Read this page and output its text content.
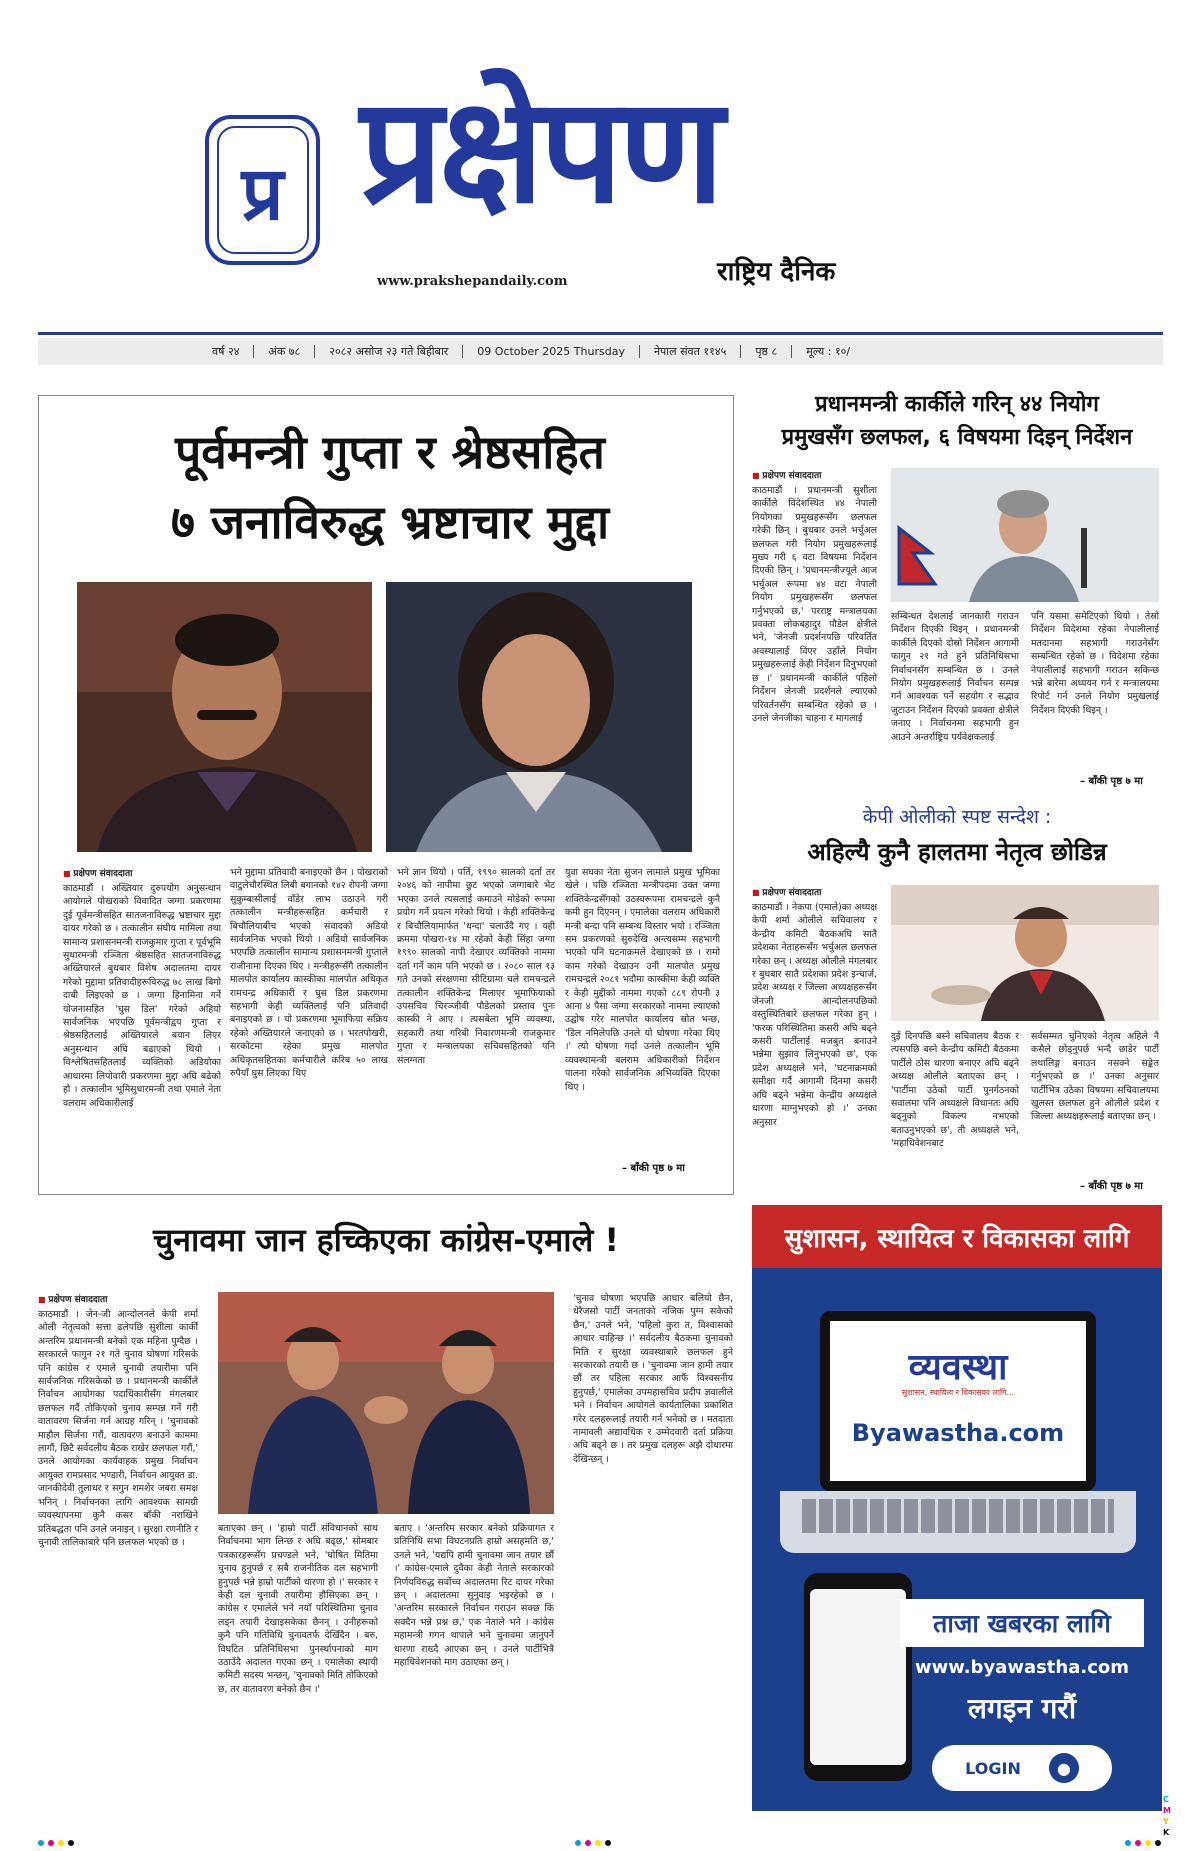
प्र प्रक्षेपण
www.prakshepandaily.com	राष्ट्रिय दैनिक
वर्ष २४	अंक ७८	२०८२ असोज २३ गते बिहीबार	09 October 2025 Thursday	नेपाल संवत ११४५	पृष्ठ ८	मूल्य : १०/
पूर्वमन्त्री गुप्ता र श्रेष्ठसहित
७ जनाविरुद्ध भ्रष्टाचार मुद्दा
■ प्रक्षेपण संवाददाता
काठमाडौं । अख्तियार दुरुपयोग अनुसन्धान आयोगले पोखराको विवादित जग्गा प्रकरणमा दुई पूर्वमन्त्रीसहित सातजनाविरुद्ध भ्रष्टाचार मुद्दा दायर गरेको छ । तत्कालीन संघीय मामिला तथा सामान्य प्रशासनमन्त्री राजकुमार गुप्ता र पूर्वभूमि सुधारमन्त्री रञ्जिता श्रेष्ठसहित सातजनाविरुद्ध अख्तियारले बुधबार विशेष अदालतमा दायर गरेको मुद्दामा प्रतिवादीहरूविरुद्ध ७८ लाख बिगो दाबी लिइएको छ । जग्गा हिनामिना गर्ने योजनासहित 'घुस डिल' गरेको अहियो सार्वजनिक भएपछि पूर्वमन्त्रीद्वय गुप्ता र श्रेष्ठसहितलाई अख्तियारले बयान लिएर अनुसन्धान अघि बढाएको थियो । विश्लेषितसहितलाई व्यक्तिको अडियोका आधारमा लिपोवारी प्रकरणमा मुद्दा अघि बढेको हो । तत्कालीन भूमिसुधारमन्त्री तथा एमाले नेता वलराम अधिकारीलाई
भने मुद्दामा प्रतिवादी बनाइएको छैन । पोखराको वाटुलेचौरस्थित लिबी बगानको १४२ रोपनी जग्गा सुकुम्बासीलाई वाँडेर लाभ उठाउने गरी तत्कालीन मन्त्रीहरूसहित कर्मचारी र बिचौलियाबीच भएको संवादको अडियो सार्वजनिक भएको थियो । अडियो सार्वजनिक भएपछि तत्कालीन सामान्य प्रशासनमन्त्री गुप्ताले राजीनामा दिएका थिए । मन्त्रीहरूसँगै तत्कालीन मालपोत कार्यालय कास्कीका मालपोत अधिकृत रामचन्द्र अधिकारी र घुस डिल प्रकरणमा सहभागी केही व्यक्तिलाई पनि प्रतिवादी बनाइएको छ । यो प्रकरणमा भूमाफिया सक्रिय रहेको अख्तियारले जनाएको छ । भरतपोखरी, सरकोटमा रहेका प्रमुख मालपोत अधिकृतसहितका कर्मचारीले करिब ५० लाख रुपैयाँ घुस लिएका थिए
भने ज्ञान थियो । पर्ति, १९९० सालको दर्ता तर २०४६ को नापीमा छुट भएको जग्गाबारे भेट भएका उनले त्यसलाई कमाउने मोडेको रूपमा प्रयोग गर्ने प्रयत्न गरेको थियो । केही शक्तिकेन्द्र र बिचौलियामार्फत 'धन्दा' चलाउँदै गए । यही क्रममा पोखरा-१४ मा रहेको केही सिंहा जग्गा १९९० सालको नापी देखाएर व्यक्तिको नाममा दर्ता गर्ने काम पनि भएको छ । २०८० साल १३ गते उनको संरक्षणमा सीटिग्रामा चले रामचन्द्रले तत्कालीन शक्तिकेन्द्र मिलाएर भूमाफियाको उपसचिव चिरञ्जीवी पौडेलको प्रस्ताव पुनः कास्की ने आए । त्यसबेला भूमि व्यवस्था, सहकारी तथा गरिबी निवारणमन्त्री राजकुमार गुप्ता र मन्त्रालयका सचिवसहितको पनि संलग्नता
युवा सघका नेता सुजन लामाले प्रमुख भूमिका खेले । पछि रञ्जिता मन्त्रीपदमा उक्त जग्गा शक्तिकेन्द्रसँगको उठस्वरूपमा रामचन्द्रले कुनै कमी हुन दिएनन् । एमालेका वलराम अधिकारी मन्त्री बन्दा पनि सम्बन्ध विस्तार भयो । रञ्जिता सम प्रकरणको सुरुदेखि अन्त्यसम्म सहभागी भएको पनि घटनाक्रमले देखाएको छ । रामो काम गरेको देखाउन उनी मालपोत प्रमुख रामचन्द्रले २०८१ भदौमा कास्कीमा केही व्यक्ति र केही मुद्दीको नाममा गएको ८८९ रोपनी ३ आना ४ पैसा जग्गा सरकारको नाममा ल्याएको उद्घोष गरेर मालपोत कार्यालय स्रोत भन्छ, 'डिल नमिलेपछि उनले यो घोषणा गरेका थिए ।' त्यो घोषणा गर्दा उनले तत्कालीन भूमि व्यवस्थामन्त्री बलराम अधिकारीको निर्देशन पालना गरेको सार्वजनिक अभिव्यक्ति दिएका थिए ।
– बाँकी पृष्ठ ७ मा
प्रधानमन्त्री कार्कीले गरिन् ४४ नियोग
प्रमुखसँग छलफल, ६ विषयमा दिइन् निर्देशन
■ प्रक्षेपण संवाददाता
काठमाडौं । प्रधानमन्त्री सुशीला कार्कीले विदेशस्थित ४४ नेपाली नियोगका प्रमुखहरूसँग छलफल गरेकी छिन् । बुधबार उनले भर्चुअल छलफल गरी नियोग प्रमुखहरूलाई मुख्य गरी ६ वटा विषयमा निर्देशन दिएकी छिन् । 'प्रधानमन्त्रीज्यूले आज भर्चुअल रूपमा ४४ वटा नेपाली नियोग प्रमुखहरूसँग छलफल गर्नुभएको छ,' परराष्ट्र मन्त्रालयका प्रवक्ता लोकबहादुर पौडेल क्षेत्रीले भने, 'जेनजी प्रदर्शनपछि परिवर्तित अवस्थालाई विएर उहाँले नियोग प्रमुखहरूलाई केही निर्देशन दिनुभएको छ ।' प्रधानमन्त्री कार्कीले पहिलो निर्देशन जेनजी प्रदर्शनले ल्याएको परिवर्तनसँग सम्बन्धित रहेको छ । उनले जेनजीका चाहना र मागलाई
सम्बिन्धत देशलाई जानकारी गराउन निर्देशन दिएकी थिइन् । प्रधानमन्त्री कार्कीले दिएको दोस्रो निर्देशन आगामी फागुन २१ गते हुने प्रतिनिधिसभा निर्वाचनसँग सम्बन्धित छ । उनले नियोग प्रमुखहरूलाई निर्वाचन सम्पन्न गर्न आवश्यक पर्ने सहयोग र सद्भाव जुटाउन निर्देशन दिएको प्रवक्ता क्षेत्रीले जनाए । निर्वाचनमा सहभागी हुन आउने अन्तर्राष्ट्रिय पर्यवेक्षकलाई
पनि यसमा समेटिएको थियो । तेस्रो निर्देशन विदेशमा रहेका नेपालीलाई मतदानमा सहभागी गराउनेसँग सम्बन्धित रहेको छ । विदेशमा रहेका नेपालीलाई सहभागी गराउन सकिन्छ भन्ने बारेमा अध्ययन गर्न र मन्त्रालयमा रिपोर्ट गर्न उनले नियोग प्रमुखलाई निर्देशन दिएकी थिइन् ।
– बाँकी पृष्ठ ७ मा
केपी ओलीको स्पष्ट सन्देश :
अहिल्यै कुनै हालतमा नेतृत्व छोडिन्न
■ प्रक्षेपण संवाददाता
काठमाडौं । नेकपा (एमाले)का अध्यक्ष केपी शर्मा ओलीले सचिवालय र केन्द्रीय कमिटी बैठकअघि सातै प्रदेशका नेताहरूसँग भर्चुअल छलफल गरेका छन् । अध्यक्ष ओलीले मंगलबार र बुधबार सातै प्रदेशका प्रदेश इन्चार्ज, प्रदेश अध्यक्ष र जिल्ला अध्यक्षहरूसँग जेनजी आन्दोलनपछिको वस्तुस्थितिबारे छलफल गरेका हुन् । 'फरक परिस्थितिमा कसरी अघि बढ्ने कसरी पार्टीलाई मजबुत बनाउने भन्नेमा सुझाव लिनुभएको छ', एक प्रदेश अध्यक्षले भने, 'घटनाक्रमको समीक्षा गर्दै आगामी दिनमा कसरी अघि बढ्ने भन्नेमा केन्द्रीय अध्यक्षले धारणा माग्नुभएको हो ।' उनका अनुसार
दुई दिनपछि बस्ने सचिवालय बैठक र त्यसपछि बस्ने केन्द्रीय कमिटी बैठकमा पार्टीले ठोस धारणा बनाएर अघि बढ्ने अध्यक्ष ओलीले बताएका छन् । 'पार्टीमा उठेको पार्टी पुनर्गठनको सवालमा पनि अध्यक्षले विधानतः अघि बढ्नुको विकल्प नभएको बताउनुभएको छ', ती अध्यक्षले भने, 'महाधिवेशनबाट
सर्वसम्मत चुनिएको नेतृत्व अहिले नै कसैले छोड्नुपर्छ भन्दै छाडेर पार्टी लथालिङ्ग बनाउन नसक्ने सङ्केत गर्नुभएको छ ।' उनका अनुसार पार्टीभित्र उठेका विषयमा सचिवालयमा खुलस्त छलफल हुने ओलीले प्रदेश र जिल्ला अध्यक्षहरूलाई बताएका छन् ।
– बाँकी पृष्ठ ७ मा
चुनावमा जान हच्किएका कांग्रेस-एमाले !
■ प्रक्षेपण संवाददाता
काठमाडौं । जेन-जी आन्दोलनले केपी शर्मा ओली नेतृत्वको सत्ता ढलेपछि सुशीला कार्की अन्तरिम प्रधानमन्त्री बनेको एक महिना पुग्दैछ । सरकारले फागुन २१ गते चुनाव घोषणा गरिसके पनि कांग्रेस र एमाले चुनावी तयारीमा पनि सार्वजनिक गरिसकेको छ । प्रधानमन्त्री कार्कीले निर्वाचन आयोगका पदाधिकारीसँग मंगलबार छलफल गर्दै तोकिएको चुनाव सम्पन्न गर्ने गरी वातावरण सिर्जना गर्न आग्रह गरिन् । 'चुनावको माहौल सिर्जना गरौं, वातावरण बनाउने काममा लागौं, छिटै सर्वदलीय बैठक राखेर छलफल गरौं,' उनले आयोगका कार्यवाहक प्रमुख निर्वाचन आयुक्त रामप्रसाद भण्डारी, निर्वाचन आयुक्त डा. जानकीदेवी तुलाधर र सगुन शमशेर जबरा समक्ष भनिन् । निर्वाचनका लागि आवश्यक सामग्री व्यवस्थापनमा कुनै कसर बाँकी नराखिने प्रतिबद्धता पनि उनले जनाइन् । सुरक्षा रणनीति र चुनावी तालिकाबारे पनि छलफल भएको छ ।
बताएका छन् । 'हाम्रो पार्टी संविधानको साथ निर्वाचनमा भाग लिन्छ र अघि बढ्छ,' सोमबार पत्रकारहरूसँग प्रचण्डले भने, 'घोषित मितिमा चुनाव हुनुपर्छ र सबै राजनीतिक दल सहभागी हुनुपर्छ भन्ने हाम्रो पार्टीको धारणा हो ।' सरकार र केही दल चुनावी तयारीमा हौसिएका छन् । कांग्रेस र एमालेले भने नयाँ परिस्थितिमा चुनाव लड्न तयारी देखाइसकेका छैनन् । उनीहरूको कुनै पनि गतिविधि चुनावतर्फ देखिँदैन । बरु, विघटित प्रतिनिधिसभा पुनर्स्थापनाको माग उठाउँदै अदालत गएका छन् । एमालेका स्थायी कमिटी सदस्य भन्छन्, 'चुनावको मिति तोकिएको छ, तर वातावरण बनेको छैन ।'
बताए । 'अन्तरिम सरकार बनेको प्रक्रियागत र प्रतिनिधि सभा विघटनप्रति हाम्रो असहमति छ,' उनले भने, 'यद्यपि हामी चुनावमा जान तयार छौं ।' कांग्रेस-एमाले दुवैका केही नेताले सरकारको निर्णयविरुद्ध सर्वोच्च अदालतमा रिट दायर गरेका छन् । अदालतमा सुनुवाइ भइरहेको छ । 'अन्तरिम सरकारले निर्वाचन गराउन सक्छ कि सक्दैन भन्ने प्रश्न छ,' एक नेताले भने । कांग्रेस महामन्त्री गगन थापाले भने चुनावमा जानुपर्ने धारणा राख्दै आएका छन् । उनले पार्टीभित्रै महाधिवेशनको माग उठाएका छन् ।
'चुनाव घोषणा भएपछि आधार बलियो छैन, धेरैजसो पार्टी जनताको नजिक पुग्न सकेको छैन,' उनले भने, 'पहिलो कुरा त, विश्वासको आधार चाहिन्छ ।' सर्वदलीय बैठकमा चुनावको मिति र सुरक्षा व्यवस्थाबारे छलफल हुने सरकारको तयारी छ । 'चुनावमा जान हामी तयार छौं तर पहिला सरकार आफैं विश्वसनीय हुनुपर्छ,' एमालेका उपमहासचिव प्रदीप ज्ञवालीले भने । निर्वाचन आयोगले कार्यतालिका प्रकाशित गरेर दलहरूलाई तयारी गर्न भनेको छ । मतदाता नामावली अद्यावधिक र उम्मेदवारी दर्ता प्रक्रिया अघि बढ्ने छ । तर प्रमुख दलहरू अझै दोधारमा देखिन्छन् ।
सुशासन, स्थायित्व र विकासका लागि
व्यवस्था
सुशासन, स्थायित्व र विकासका लागि...
Byawastha.com
ताजा खबरका लागि
www.byawastha.com
लगइन गरौं
LOGIN	●
C
M
Y
K
